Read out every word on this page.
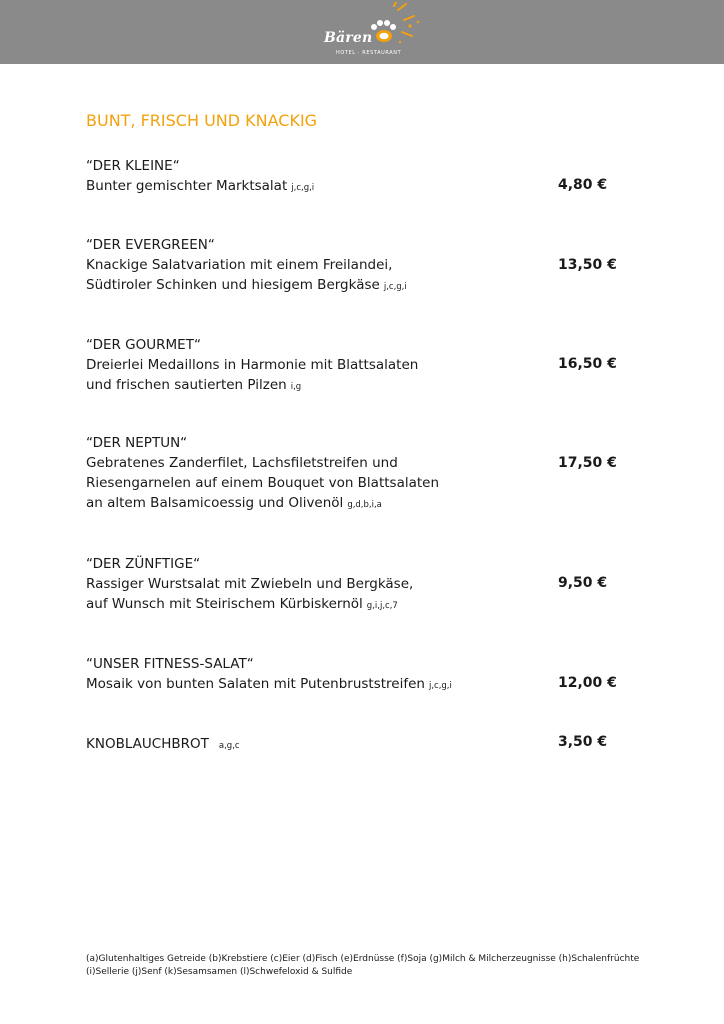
Bären
HOTEL · RESTAURANT
BUNT, FRISCH UND KNACKIG
“DER KLEINE“
Bunter gemischter Marktsalat j,c,g,i	4,80 €
“DER EVERGREEN“
Knackige Salatvariation mit einem Freilandei,
Südtiroler Schinken und hiesigem Bergkäse j,c,g,i
13,50 €
“DER GOURMET“
Dreierlei Medaillons in Harmonie mit Blattsalaten
und frischen sautierten Pilzen i,g
16,50 €
“DER NEPTUN“
Gebratenes Zanderfilet, Lachsfiletstreifen und
Riesengarnelen auf einem Bouquet von Blattsalaten
an altem Balsamicoessig und Olivenöl g,d,b,i,a
17,50 €
“DER ZÜNFTIGE“
Rassiger Wurstsalat mit Zwiebeln und Bergkäse,
auf Wunsch mit Steirischem Kürbiskernöl g,i,j,c,7
9,50 €
“UNSER FITNESS-SALAT“
Mosaik von bunten Salaten mit Putenbruststreifen j,c,g,i	12,00 €
KNOBLAUCHBROT a,g,c	3,50 €
(a)Glutenhaltiges Getreide (b)Krebstiere (c)Eier (d)Fisch (e)Erdnüsse (f)Soja (g)Milch & Milcherzeugnisse (h)Schalenfrüchte
(i)Sellerie (j)Senf (k)Sesamsamen (l)Schwefeloxid & Sulfide
